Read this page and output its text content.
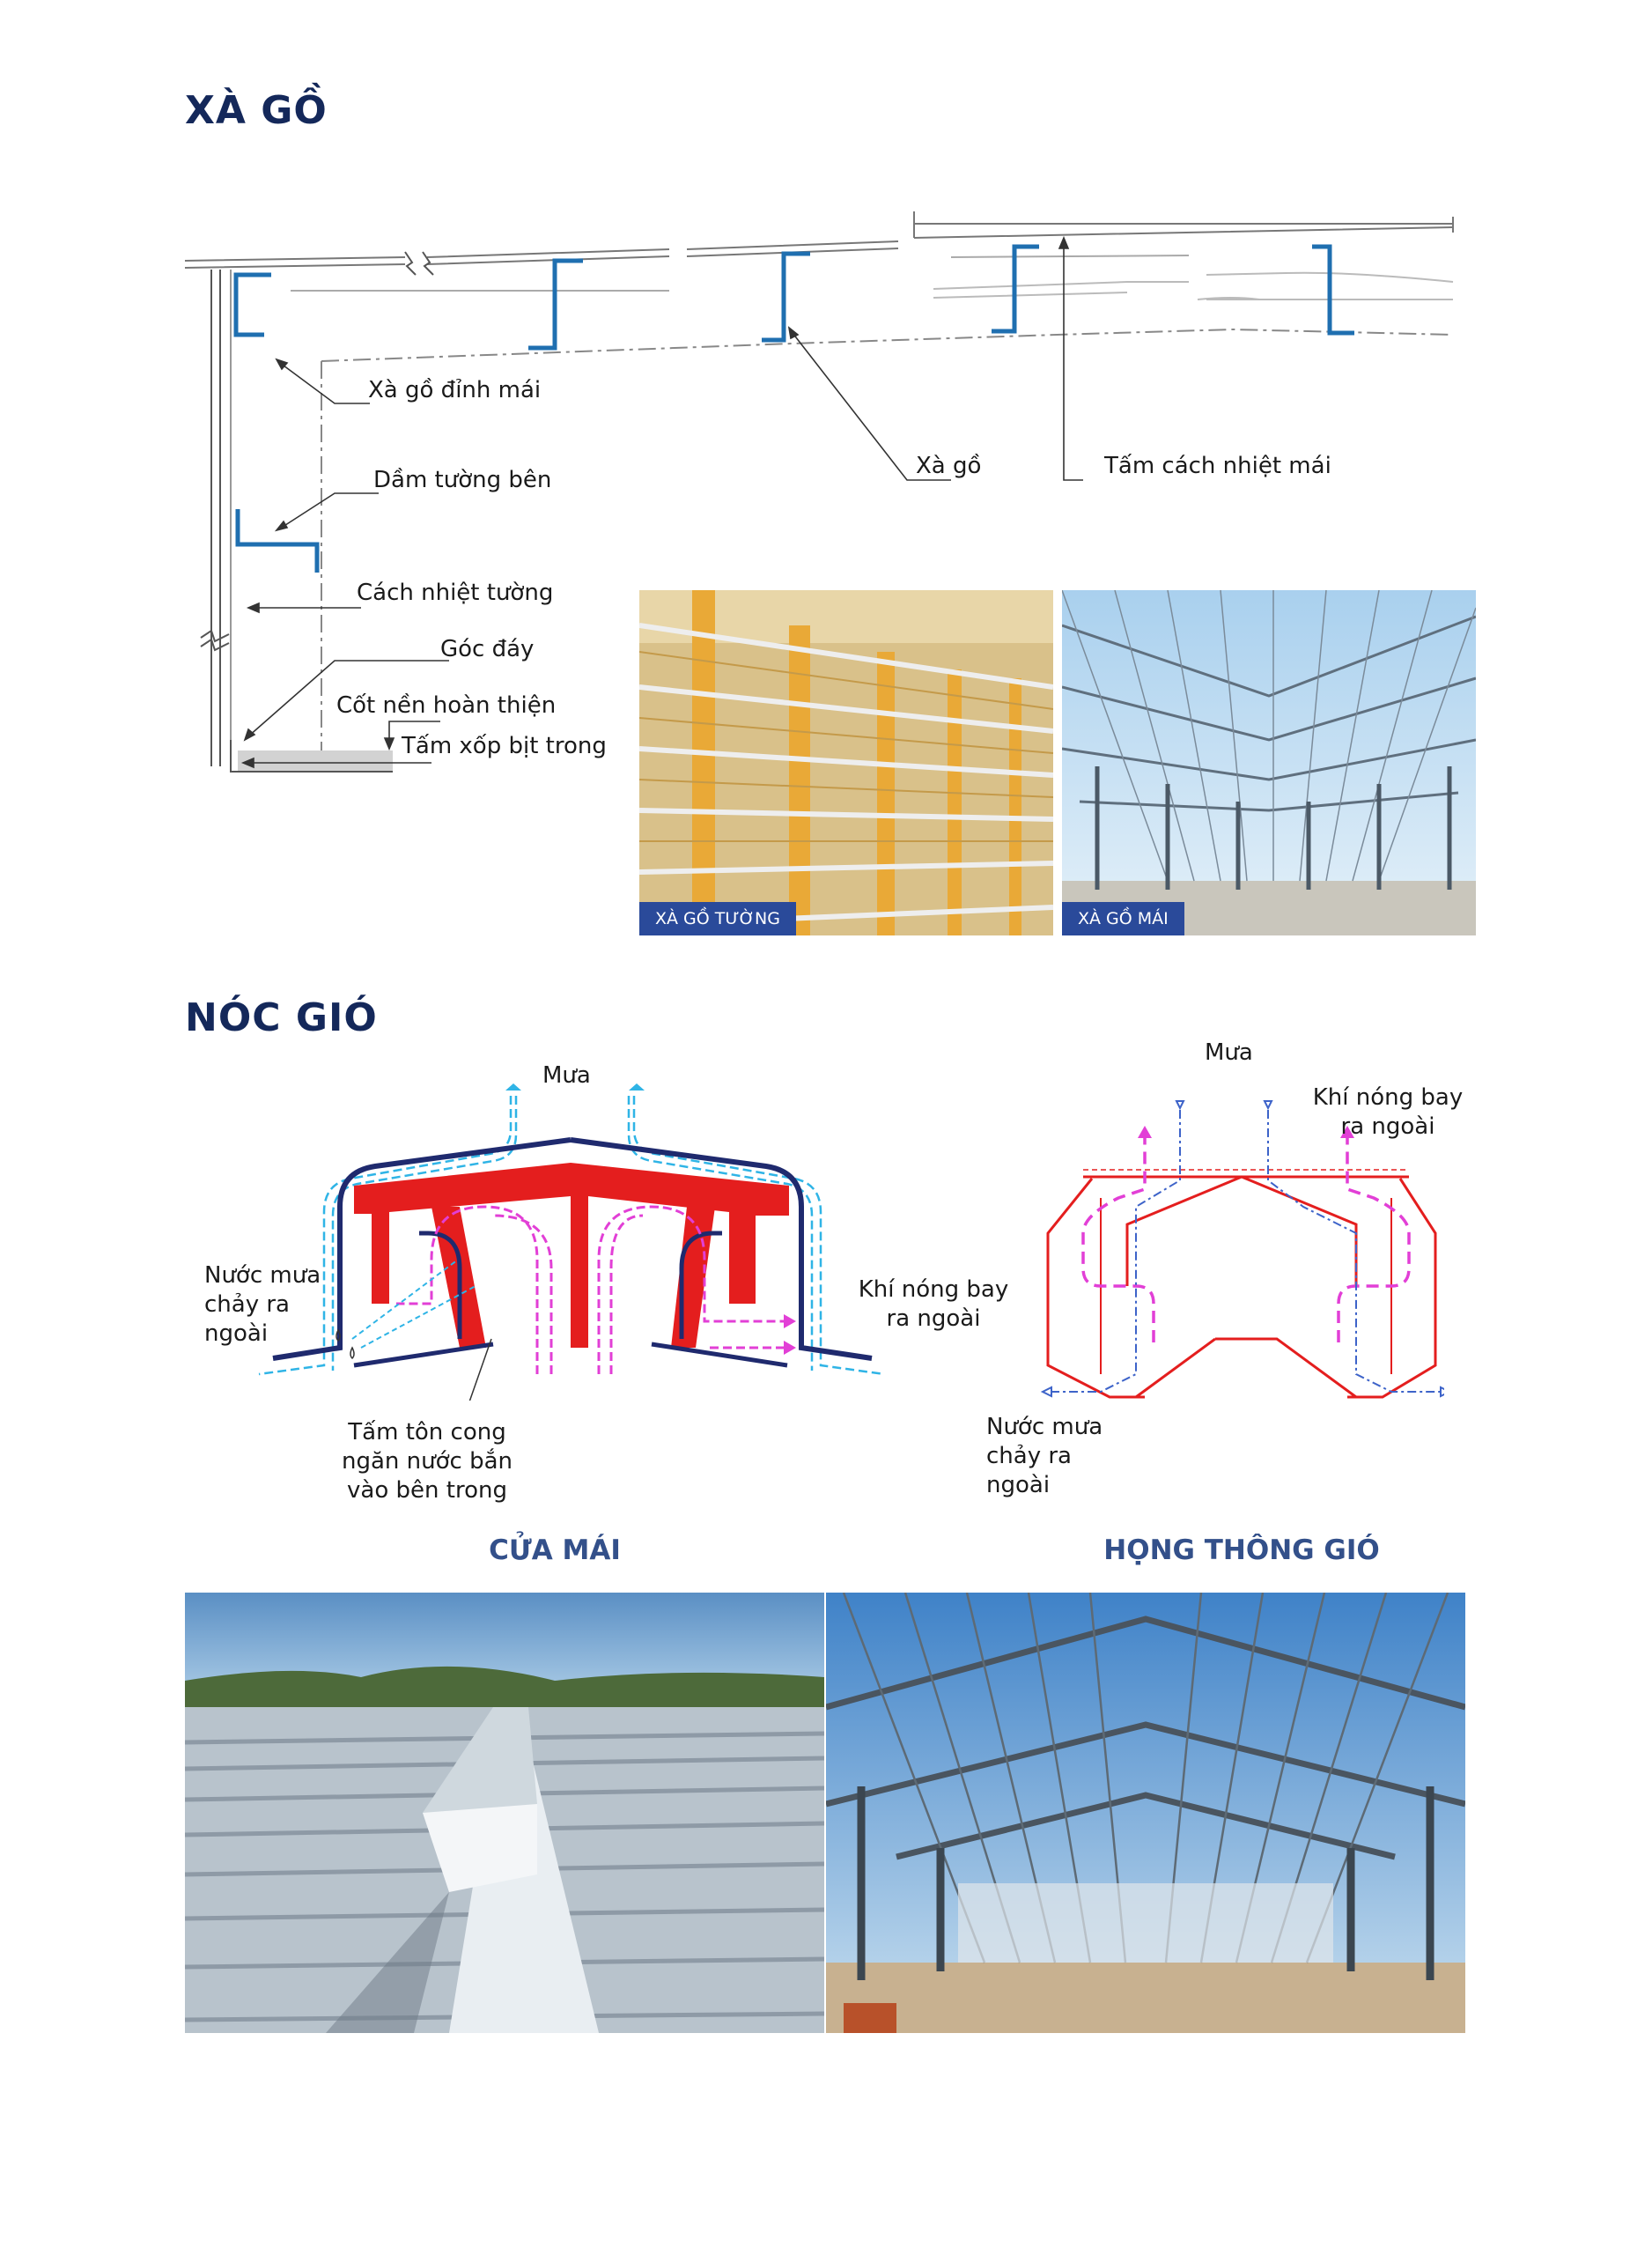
XÀ GỒ
Xà gồ đỉnh mái
Dầm tường bên
Cách nhiệt tường
Góc đáy
Cốt nền hoàn thiện
Tấm xốp bịt trong
Xà gồ	Tấm cách nhiệt mái
XÀ GỒ TƯỜNG	XÀ GỒ MÁI
NÓC GIÓ
Mưa
Nước mưa chảy ra ngoài
Khí nóng bay ra ngoài
Tấm tôn cong ngăn nước bắn vào bên trong
Mưa
Khí nóng bay ra ngoài
Nước mưa chảy ra ngoài
CỬA MÁI	HỌNG THÔNG GIÓ
